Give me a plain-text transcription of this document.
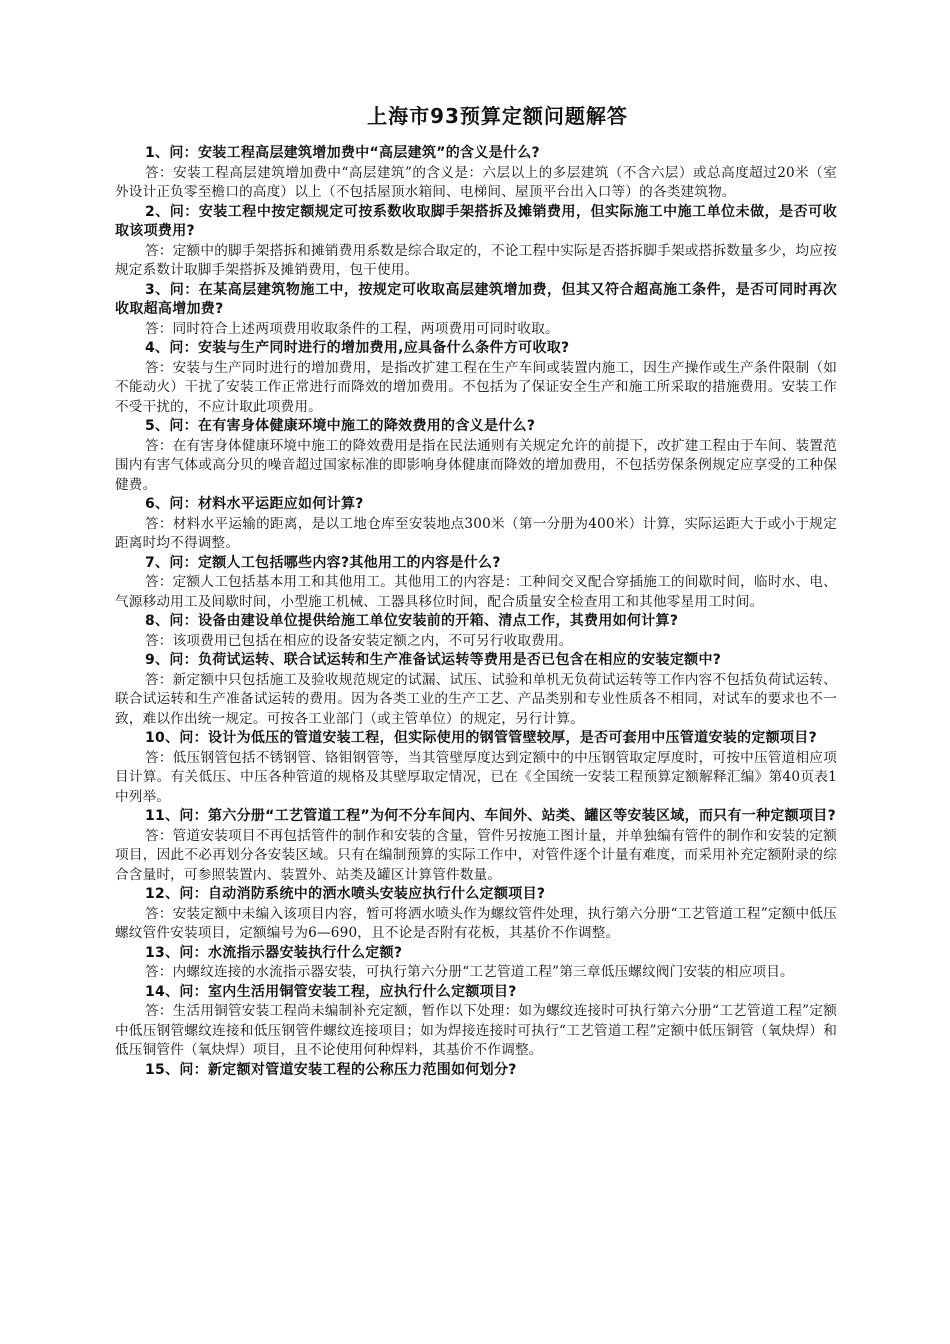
上海市93预算定额问题解答

1、问：安装工程高层建筑增加费中“高层建筑”的含义是什么?

答：安装工程高层建筑增加费中“高层建筑”的含义是：六层以上的多层建筑（不含六层）或总高度超过20米（室外设计正负零至檐口的高度）以上（不包括屋顶水箱间、电梯间、屋顶平台出入口等）的各类建筑物。

2、问：安装工程中按定额规定可按系数收取脚手架搭拆及摊销费用，但实际施工中施工单位未做，是否可收取该项费用?

答：定额中的脚手架搭拆和摊销费用系数是综合取定的，不论工程中实际是否搭拆脚手架或搭拆数量多少，均应按规定系数计取脚手架搭拆及摊销费用，包干使用。

3、问：在某高层建筑物施工中，按规定可收取高层建筑增加费，但其又符合超高施工条件，是否可同时再次收取超高增加费?

答：同时符合上述两项费用收取条件的工程，两项费用可同时收取。

4、问：安装与生产同时进行的增加费用,应具备什么条件方可收取?

答：安装与生产同时进行的增加费用，是指改扩建工程在生产车间或装置内施工，因生产操作或生产条件限制（如不能动火）干扰了安装工作正常进行而降效的增加费用。不包括为了保证安全生产和施工所采取的措施费用。安装工作不受干扰的，不应计取此项费用。

5、问：在有害身体健康环境中施工的降效费用的含义是什么?

答：在有害身体健康环境中施工的降效费用是指在民法通则有关规定允许的前提下，改扩建工程由于车间、装置范围内有害气体或高分贝的噪音超过国家标准的即影响身体健康而降效的增加费用，不包括劳保条例规定应享受的工种保健费。

6、问：材料水平运距应如何计算?

答：材料水平运输的距离，是以工地仓库至安装地点300米（第一分册为400米）计算，实际运距大于或小于规定距离时均不得调整。

7、问：定额人工包括哪些内容?其他用工的内容是什么?

答：定额人工包括基本用工和其他用工。其他用工的内容是：工种间交叉配合穿插施工的间歇时间，临时水、电、气源移动用工及间歇时间，小型施工机械、工器具移位时间，配合质量安全检查用工和其他零星用工时间。

8、问：设备由建设单位提供给施工单位安装前的开箱、清点工作，其费用如何计算?

答：该项费用已包括在相应的设备安装定额之内，不可另行收取费用。

9、问：负荷试运转、联合试运转和生产准备试运转等费用是否已包含在相应的安装定额中?

答：新定额中只包括施工及验收规范规定的试漏、试压、试验和单机无负荷试运转等工作内容不包括负荷试运转、联合试运转和生产准备试运转的费用。因为各类工业的生产工艺、产品类别和专业性质各不相同，对试车的要求也不一致，难以作出统一规定。可按各工业部门（或主管单位）的规定，另行计算。

10、问：设计为低压的管道安装工程，但实际使用的钢管管壁较厚，是否可套用中压管道安装的定额项目?

答：低压钢管包括不锈钢管、铬钼钢管等，当其管壁厚度达到定额中的中压钢管取定厚度时，可按中压管道相应项目计算。有关低压、中压各种管道的规格及其壁厚取定情况，已在《全国统一安装工程预算定额解释汇编》第40页表1中列举。

11、问：第六分册“工艺管道工程”为何不分车间内、车间外、站类、罐区等安装区域，而只有一种定额项目?

答：管道安装项目不再包括管件的制作和安装的含量，管件另按施工图计量，并单独编有管件的制作和安装的定额项目，因此不必再划分各安装区域。只有在编制预算的实际工作中，对管件逐个计量有难度，而采用补充定额附录的综合含量时，可参照装置内、装置外、站类及罐区计算管件数量。

12、问：自动消防系统中的洒水喷头安装应执行什么定额项目?

答：安装定额中未编入该项目内容，暂可将洒水喷头作为螺纹管件处理，执行第六分册“工艺管道工程”定额中低压螺纹管件安装项目，定额编号为6—690，且不论是否附有花板，其基价不作调整。

13、问：水流指示器安装执行什么定额?

答：内螺纹连接的水流指示器安装，可执行第六分册“工艺管道工程”第三章低压螺纹阀门安装的相应项目。

14、问：室内生活用铜管安装工程，应执行什么定额项目?

答：生活用铜管安装工程尚未编制补充定额，暂作以下处理：如为螺纹连接时可执行第六分册“工艺管道工程”定额中低压钢管螺纹连接和低压钢管件螺纹连接项目；如为焊接连接时可执行“工艺管道工程”定额中低压铜管（氧炔焊）和低压铜管件（氧炔焊）项目，且不论使用何种焊料，其基价不作调整。

15、问：新定额对管道安装工程的公称压力范围如何划分?
